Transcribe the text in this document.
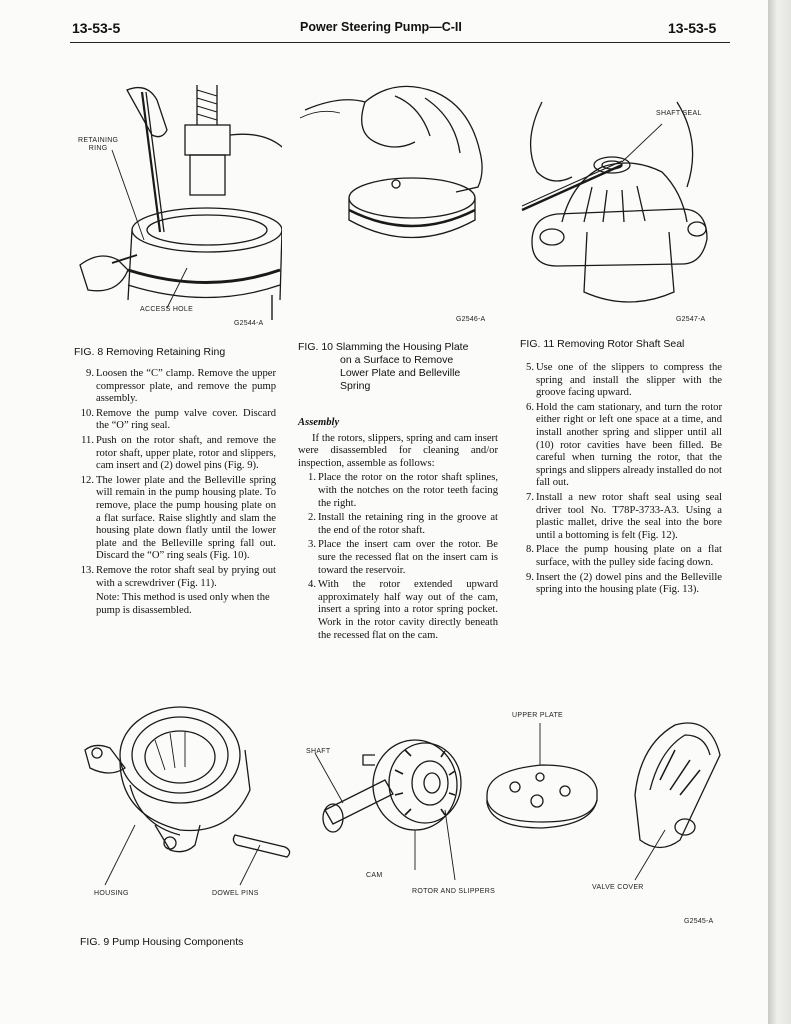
13-53-5	Power Steering Pump—C-II	13-53-5
RETAINING
RING
ACCESS HOLE
G2544-A
G2546-A
SHAFT SEAL
G2547-A
FIG. 8 Removing Retaining Ring	FIG. 10 Slamming the Housing Plate
on a Surface to Remove
Lower Plate and Belleville
Spring
FIG. 11 Removing Rotor Shaft Seal
9. Loosen the “C” clamp. Remove the upper compressor plate, and remove the pump assembly.
10. Remove the pump valve cover. Discard the “O” ring seal.
11. Push on the rotor shaft, and remove the rotor shaft, upper plate, rotor and slippers, cam insert and (2) dowel pins (Fig. 9).
12. The lower plate and the Belleville spring will remain in the pump housing plate. To remove, place the pump housing plate on a flat surface. Raise slightly and slam the housing plate down flatly until the lower plate and the Belleville spring fall out. Discard the “O” ring seals (Fig. 10).
13. Remove the rotor shaft seal by prying out with a screwdriver (Fig. 11).
Note: This method is used only when the pump is disassembled.
Assembly
If the rotors, slippers, spring and cam insert were disassembled for cleaning and/or inspection, assemble as follows:
1. Place the rotor on the rotor shaft splines, with the notches on the rotor teeth facing the right.
2. Install the retaining ring in the groove at the end of the rotor shaft.
3. Place the insert cam over the rotor. Be sure the recessed flat on the insert cam is toward the reservoir.
4. With the rotor extended upward approximately half way out of the cam, insert a spring into a rotor spring pocket. Work in the rotor cavity directly beneath the recessed flat on the cam.
5. Use one of the slippers to compress the spring and install the slipper with the groove facing upward.
6. Hold the cam stationary, and turn the rotor either right or left one space at a time, and install another spring and slipper until all (10) rotor cavities have been filled. Be careful when turning the rotor, that the springs and slippers already installed do not fall out.
7. Install a new rotor shaft seal using seal driver tool No. T78P-3733-A3. Using a plastic mallet, drive the seal into the bore until a bottoming is felt (Fig. 12).
8. Place the pump housing plate on a flat surface, with the pulley side facing down.
9. Insert the (2) dowel pins and the Belleville spring into the housing plate (Fig. 13).
UPPER PLATE
SHAFT
CAM
HOUSING	DOWEL PINS	ROTOR AND SLIPPERS
VALVE COVER
G2545-A
FIG. 9 Pump Housing Components
